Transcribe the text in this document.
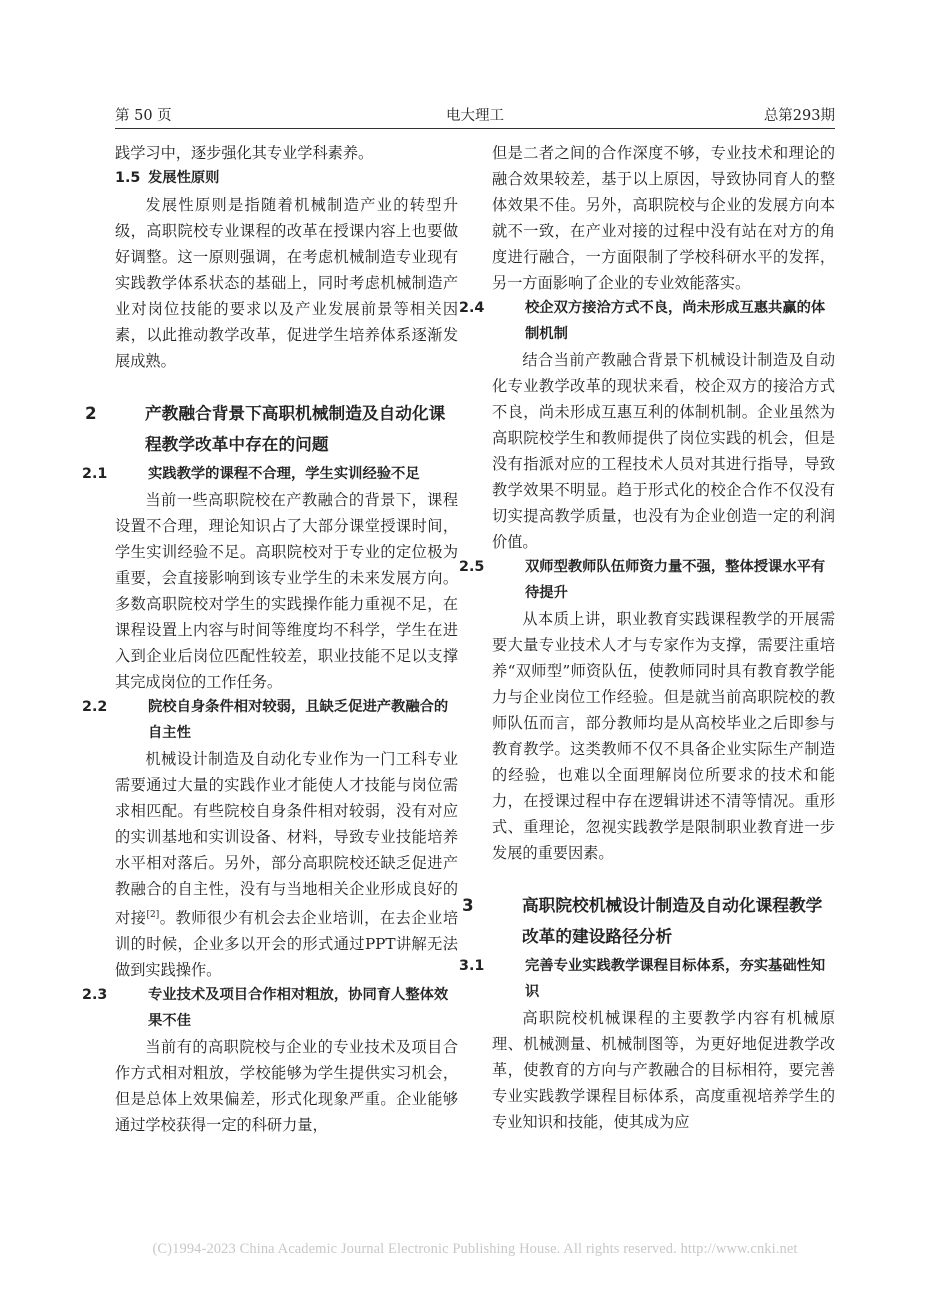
第 50 页	电大理工	总第293期

践学习中，逐步强化其专业学科素养。

1.5 发展性原则

发展性原则是指随着机械制造产业的转型升级，高职院校专业课程的改革在授课内容上也要做好调整。这一原则强调，在考虑机械制造专业现有实践教学体系状态的基础上，同时考虑机械制造产业对岗位技能的要求以及产业发展前景等相关因素，以此推动教学改革，促进学生培养体系逐渐发展成熟。

2	产教融合背景下高职机械制造及自动化课程教学改革中存在的问题
2.1	实践教学的课程不合理，学生实训经验不足

当前一些高职院校在产教融合的背景下，课程设置不合理，理论知识占了大部分课堂授课时间，学生实训经验不足。高职院校对于专业的定位极为重要，会直接影响到该专业学生的未来发展方向。多数高职院校对学生的实践操作能力重视不足，在课程设置上内容与时间等维度均不科学，学生在进入到企业后岗位匹配性较差，职业技能不足以支撑其完成岗位的工作任务。

2.2	院校自身条件相对较弱，且缺乏促进产教融合的自主性

机械设计制造及自动化专业作为一门工科专业需要通过大量的实践作业才能使人才技能与岗位需求相匹配。有些院校自身条件相对较弱，没有对应的实训基地和实训设备、材料，导致专业技能培养水平相对落后。另外，部分高职院校还缺乏促进产教融合的自主性，没有与当地相关企业形成良好的对接[2]。教师很少有机会去企业培训，在去企业培训的时候，企业多以开会的形式通过PPT讲解无法做到实践操作。

2.3	专业技术及项目合作相对粗放，协同育人整体效果不佳

当前有的高职院校与企业的专业技术及项目合作方式相对粗放，学校能够为学生提供实习机会，但是总体上效果偏差，形式化现象严重。企业能够通过学校获得一定的科研力量，

但是二者之间的合作深度不够，专业技术和理论的融合效果较差，基于以上原因，导致协同育人的整体效果不佳。另外，高职院校与企业的发展方向本就不一致，在产业对接的过程中没有站在对方的角度进行融合，一方面限制了学校科研水平的发挥，另一方面影响了企业的专业效能落实。

2.4	校企双方接洽方式不良，尚未形成互惠共赢的体制机制

结合当前产教融合背景下机械设计制造及自动化专业教学改革的现状来看，校企双方的接洽方式不良，尚未形成互惠互利的体制机制。企业虽然为高职院校学生和教师提供了岗位实践的机会，但是没有指派对应的工程技术人员对其进行指导，导致教学效果不明显。趋于形式化的校企合作不仅没有切实提高教学质量，也没有为企业创造一定的利润价值。

2.5	双师型教师队伍师资力量不强，整体授课水平有待提升

从本质上讲，职业教育实践课程教学的开展需要大量专业技术人才与专家作为支撑，需要注重培养“双师型”师资队伍，使教师同时具有教育教学能力与企业岗位工作经验。但是就当前高职院校的教师队伍而言，部分教师均是从高校毕业之后即参与教育教学。这类教师不仅不具备企业实际生产制造的经验，也难以全面理解岗位所要求的技术和能力，在授课过程中存在逻辑讲述不清等情况。重形式、重理论，忽视实践教学是限制职业教育进一步发展的重要因素。

3	高职院校机械设计制造及自动化课程教学改革的建设路径分析
3.1	完善专业实践教学课程目标体系，夯实基础性知识

高职院校机械课程的主要教学内容有机械原理、机械测量、机械制图等，为更好地促进教学改革，使教育的方向与产教融合的目标相符，要完善专业实践教学课程目标体系，高度重视培养学生的专业知识和技能，使其成为应

(C)1994-2023 China Academic Journal Electronic Publishing House. All rights reserved. http://www.cnki.net
